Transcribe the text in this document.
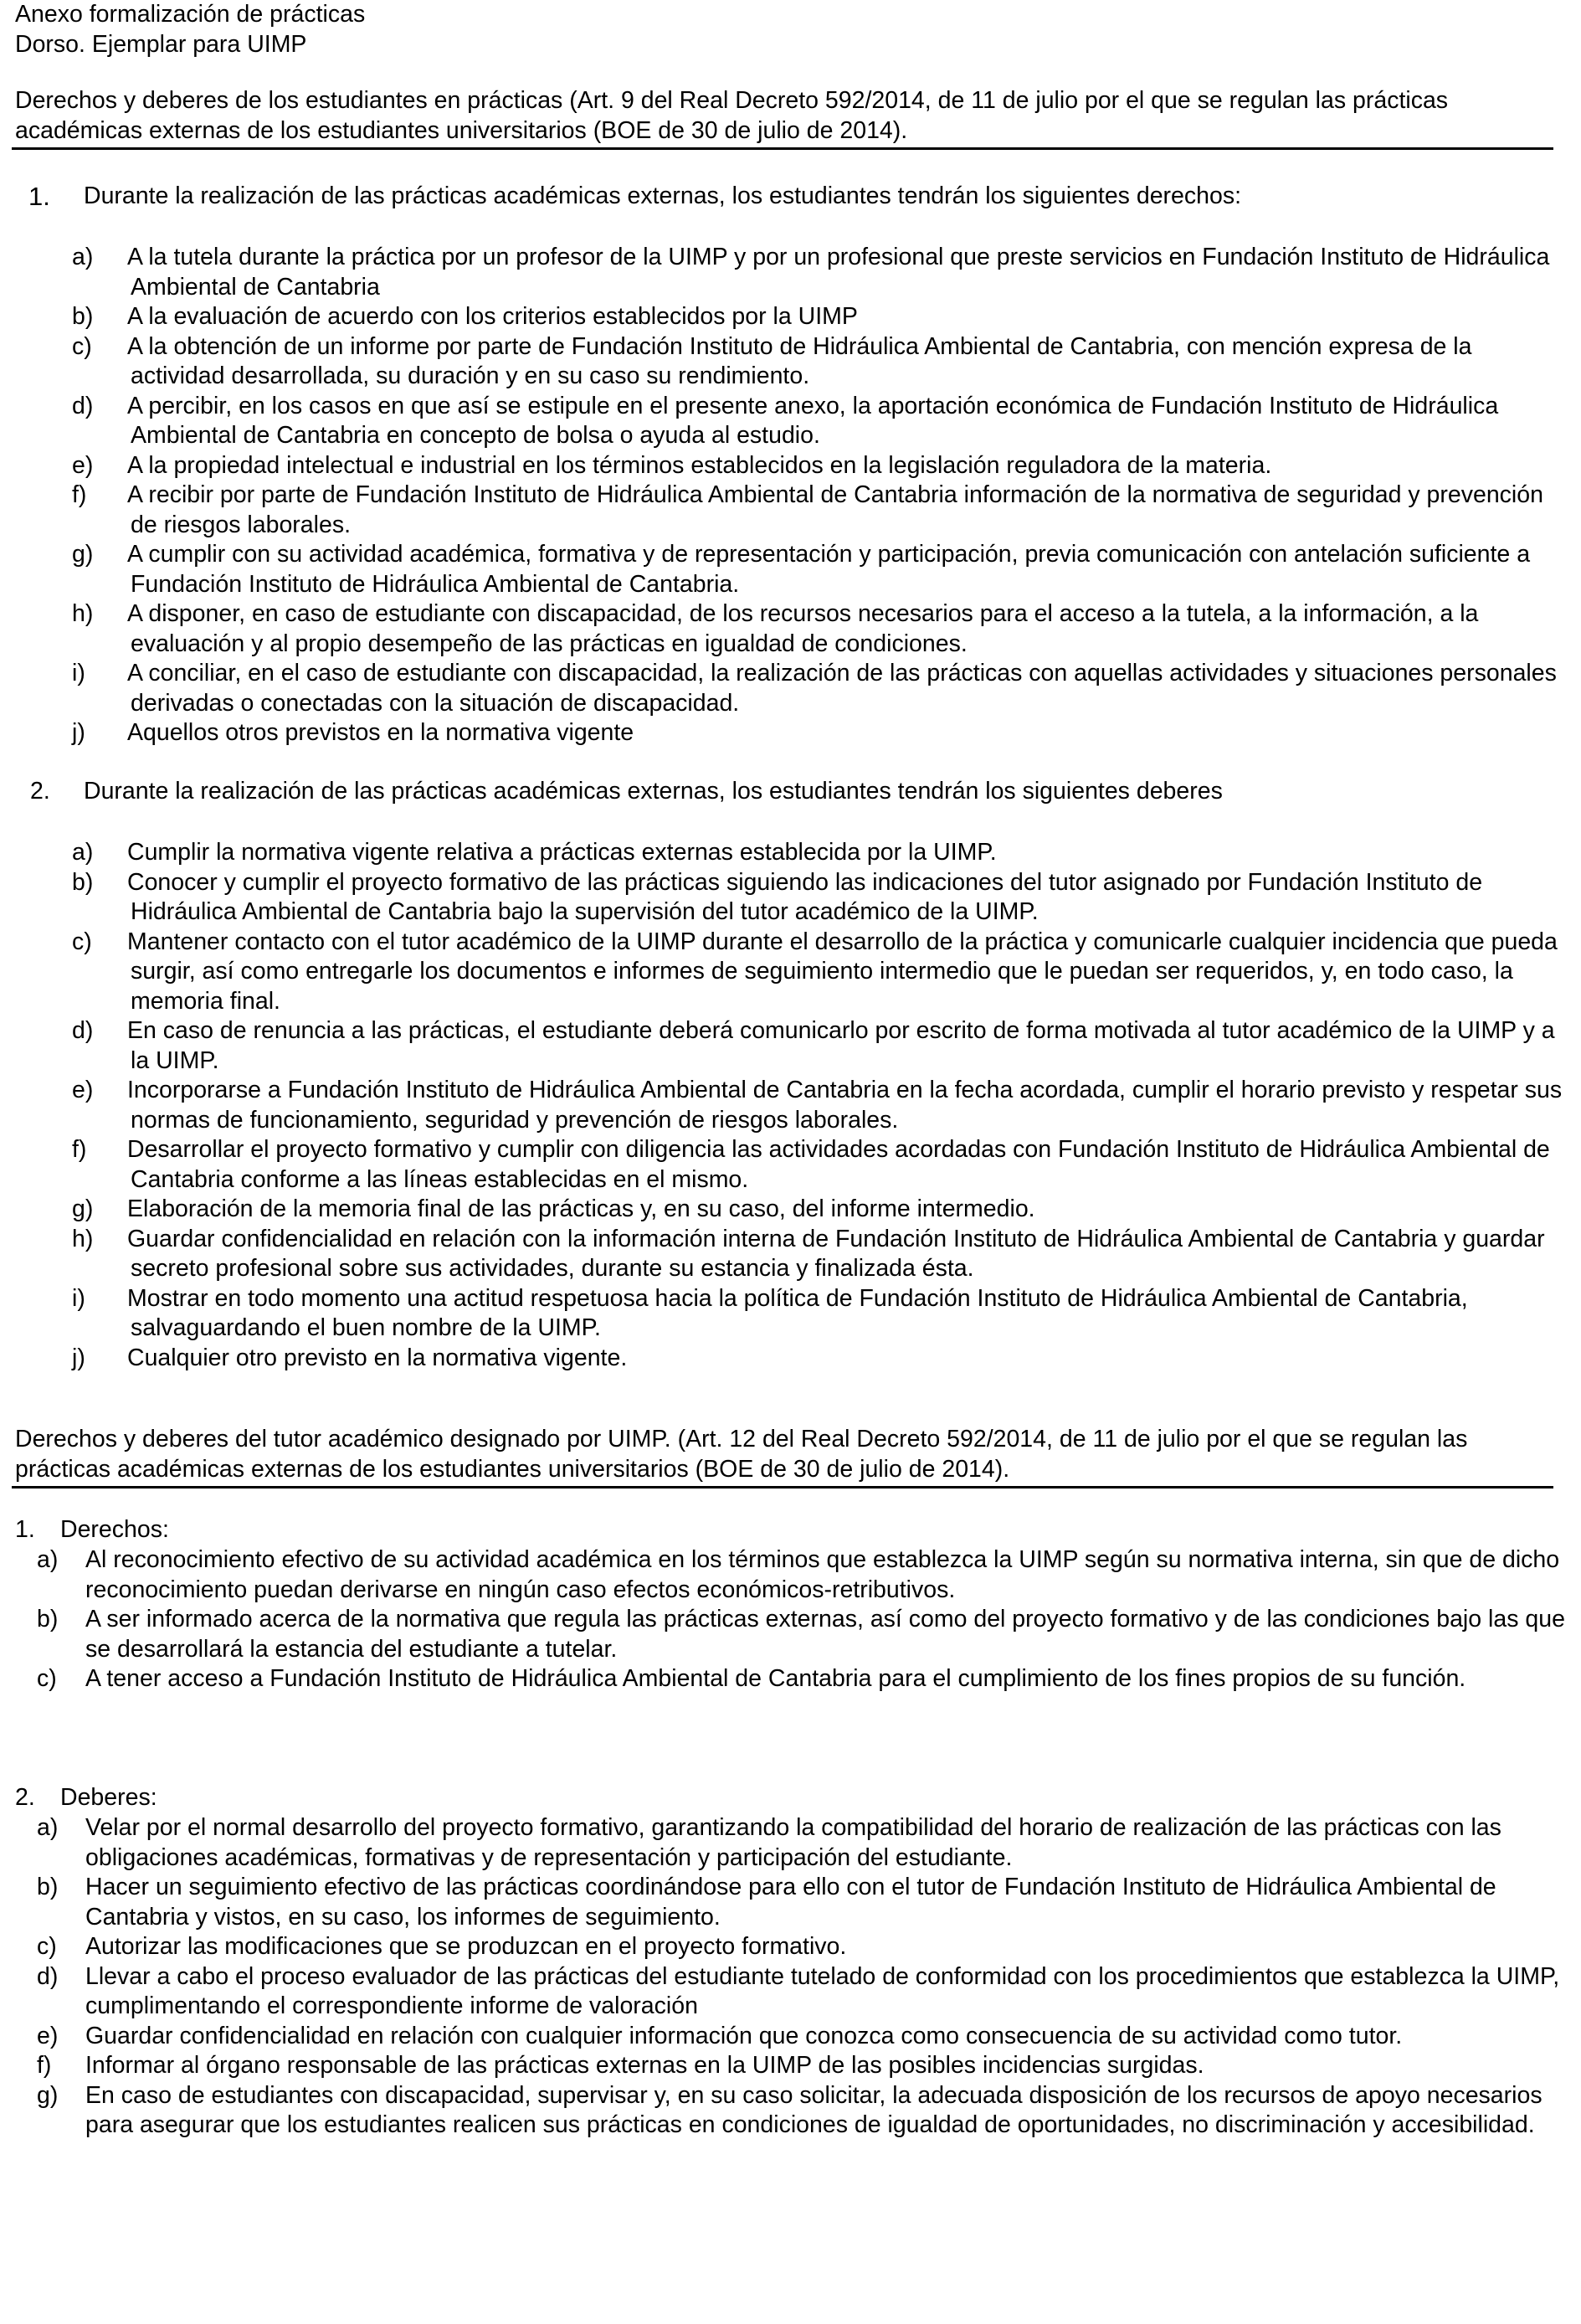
Anexo formalización de prácticas
Dorso. Ejemplar para UIMP
Derechos y deberes de los estudiantes en prácticas (Art. 9 del Real Decreto 592/2014, de 11 de julio por el que se regulan las prácticas académicas externas de los estudiantes universitarios (BOE de 30 de julio de 2014).
1. Durante la realización de las prácticas académicas externas, los estudiantes tendrán los siguientes derechos:
a) A la tutela durante la práctica por un profesor de la UIMP y por un profesional que preste servicios en Fundación Instituto de Hidráulica Ambiental de Cantabria
b) A la evaluación de acuerdo con los criterios establecidos por la UIMP
c) A la obtención de un informe por parte de Fundación Instituto de Hidráulica Ambiental de Cantabria, con mención expresa de la actividad desarrollada, su duración y en su caso su rendimiento.
d) A percibir, en los casos en que así se estipule en el presente anexo, la aportación económica de Fundación Instituto de Hidráulica Ambiental de Cantabria en concepto de bolsa o ayuda al estudio.
e) A la propiedad intelectual e industrial en los términos establecidos en la legislación reguladora de la materia.
f) A recibir por parte de Fundación Instituto de Hidráulica Ambiental de Cantabria información de la normativa de seguridad y prevención de riesgos laborales.
g) A cumplir con su actividad académica, formativa y de representación y participación, previa comunicación con antelación suficiente a Fundación Instituto de Hidráulica Ambiental de Cantabria.
h) A disponer, en caso de estudiante con discapacidad, de los recursos necesarios para el acceso a la tutela, a la información, a la evaluación y al propio desempeño de las prácticas en igualdad de condiciones.
i) A conciliar, en el caso de estudiante con discapacidad, la realización de las prácticas con aquellas actividades y situaciones personales derivadas o conectadas con la situación de discapacidad.
j) Aquellos otros previstos en la normativa vigente
2. Durante la realización de las prácticas académicas externas, los estudiantes tendrán los siguientes deberes
a) Cumplir la normativa vigente relativa a prácticas externas establecida por la UIMP.
b) Conocer y cumplir el proyecto formativo de las prácticas siguiendo las indicaciones del tutor asignado por Fundación Instituto de Hidráulica Ambiental de Cantabria bajo la supervisión del tutor académico de la UIMP.
c) Mantener contacto con el tutor académico de la UIMP durante el desarrollo de la práctica y comunicarle cualquier incidencia que pueda surgir, así como entregarle los documentos e informes de seguimiento intermedio que le puedan ser requeridos, y, en todo caso, la memoria final.
d) En caso de renuncia a las prácticas, el estudiante deberá comunicarlo por escrito de forma motivada al tutor académico de la UIMP y a la UIMP.
e) Incorporarse a Fundación Instituto de Hidráulica Ambiental de Cantabria en la fecha acordada, cumplir el horario previsto y respetar sus normas de funcionamiento, seguridad y prevención de riesgos laborales.
f) Desarrollar el proyecto formativo y cumplir con diligencia las actividades acordadas con Fundación Instituto de Hidráulica Ambiental de Cantabria conforme a las líneas establecidas en el mismo.
g) Elaboración de la memoria final de las prácticas y, en su caso, del informe intermedio.
h) Guardar confidencialidad en relación con la información interna de Fundación Instituto de Hidráulica Ambiental de Cantabria y guardar secreto profesional sobre sus actividades, durante su estancia y finalizada ésta.
i) Mostrar en todo momento una actitud respetuosa hacia la política de Fundación Instituto de Hidráulica Ambiental de Cantabria, salvaguardando el buen nombre de la UIMP.
j) Cualquier otro previsto en la normativa vigente.
Derechos y deberes del tutor académico designado por UIMP. (Art. 12 del Real Decreto 592/2014, de 11 de julio por el que se regulan las prácticas académicas externas de los estudiantes universitarios (BOE de 30 de julio de 2014).
1. Derechos:
a) Al reconocimiento efectivo de su actividad académica en los términos que establezca la UIMP según su normativa interna, sin que de dicho reconocimiento puedan derivarse en ningún caso efectos económicos-retributivos.
b) A ser informado acerca de la normativa que regula las prácticas externas, así como del proyecto formativo y de las condiciones bajo las que se desarrollará la estancia del estudiante a tutelar.
c) A tener acceso a Fundación Instituto de Hidráulica Ambiental de Cantabria para el cumplimiento de los fines propios de su función.
2. Deberes:
a) Velar por el normal desarrollo del proyecto formativo, garantizando la compatibilidad del horario de realización de las prácticas con las obligaciones académicas, formativas y de representación y participación del estudiante.
b) Hacer un seguimiento efectivo de las prácticas coordinándose para ello con el tutor de Fundación Instituto de Hidráulica Ambiental de Cantabria y vistos, en su caso, los informes de seguimiento.
c) Autorizar las modificaciones que se produzcan en el proyecto formativo.
d) Llevar a cabo el proceso evaluador de las prácticas del estudiante tutelado de conformidad con los procedimientos que establezca la UIMP, cumplimentando el correspondiente informe de valoración
e) Guardar confidencialidad en relación con cualquier información que conozca como consecuencia de su actividad como tutor.
f) Informar al órgano responsable de las prácticas externas en la UIMP de las posibles incidencias surgidas.
g) En caso de estudiantes con discapacidad, supervisar y, en su caso solicitar, la adecuada disposición de los recursos de apoyo necesarios para asegurar que los estudiantes realicen sus prácticas en condiciones de igualdad de oportunidades, no discriminación y accesibilidad.
